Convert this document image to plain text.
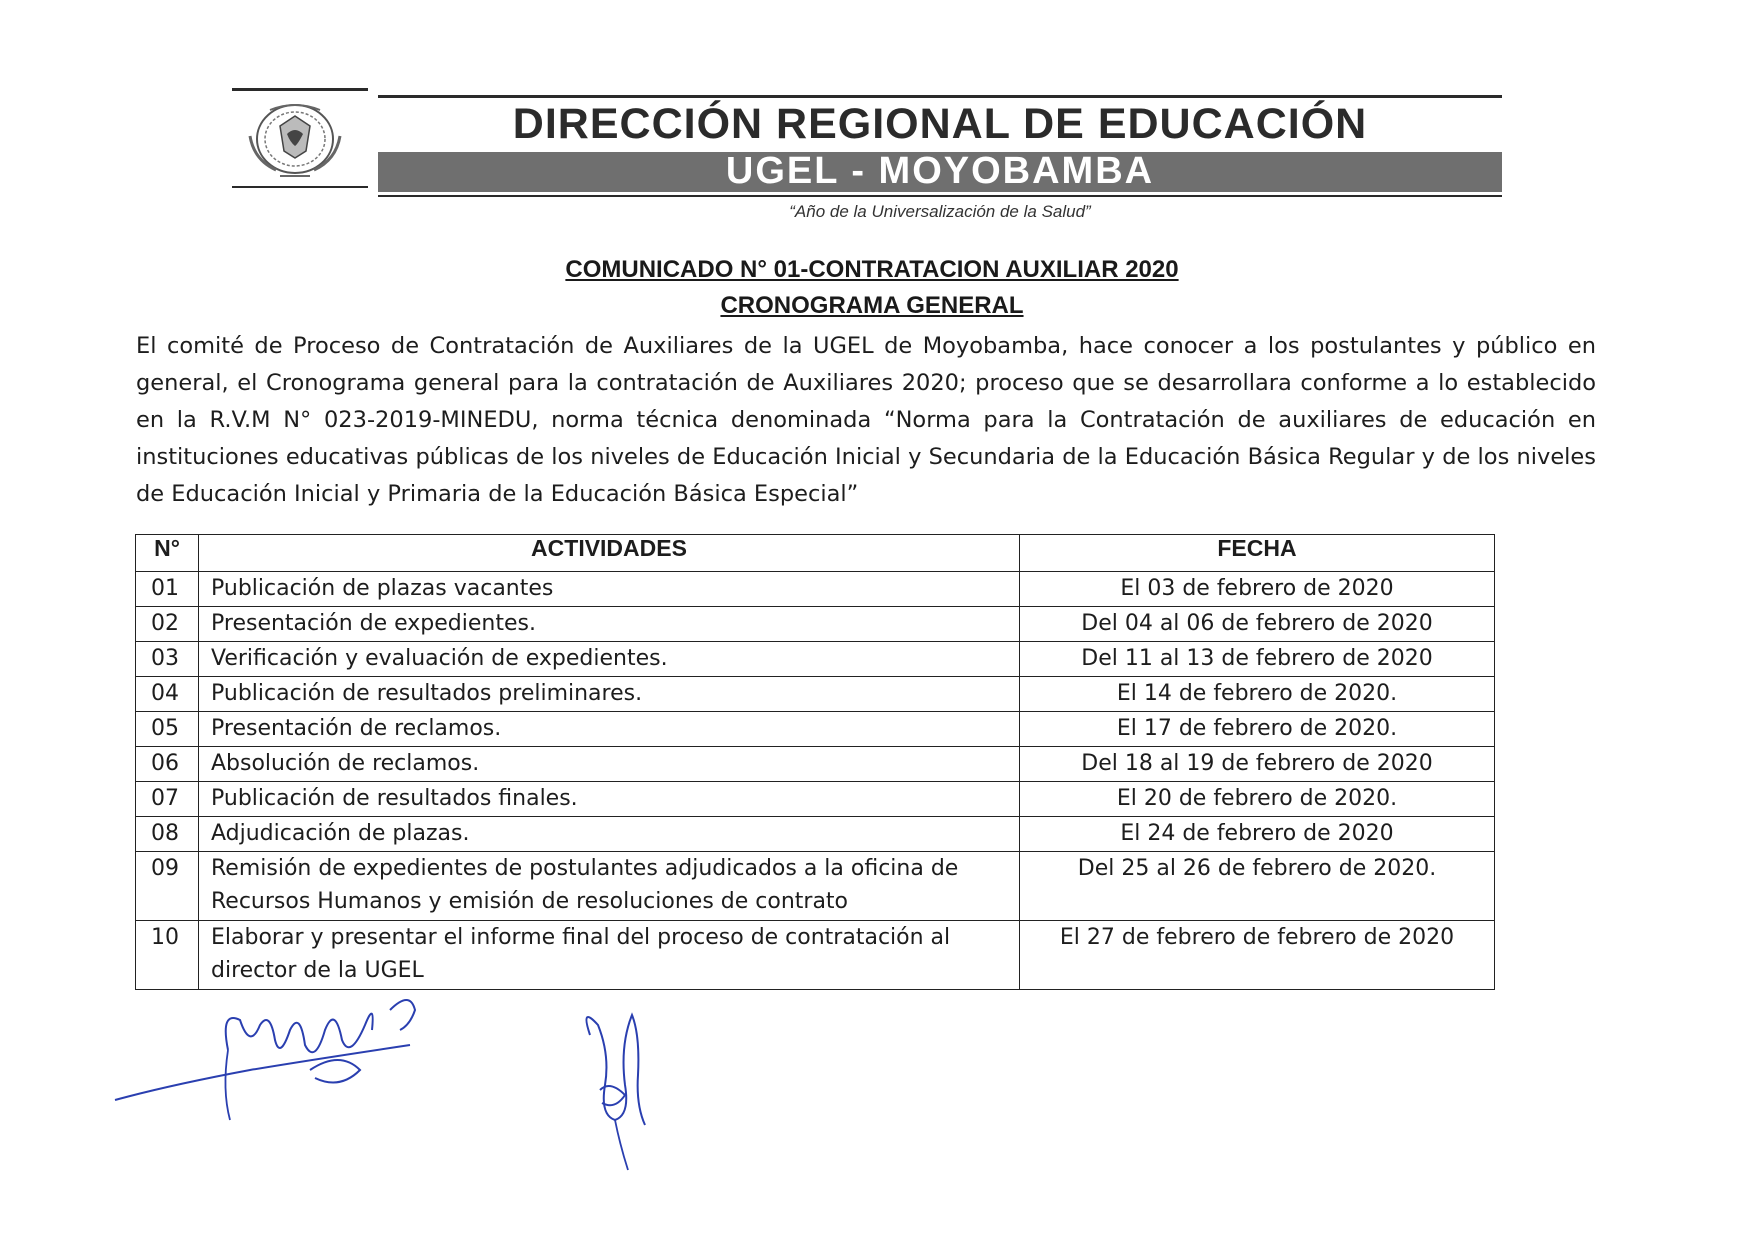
DIRECCIÓN REGIONAL DE EDUCACIÓN
UGEL - MOYOBAMBA
“Año de la Universalización de la Salud”
COMUNICADO N° 01-CONTRATACION AUXILIAR 2020
CRONOGRAMA GENERAL
El comité de Proceso de Contratación de Auxiliares de la UGEL de Moyobamba, hace conocer a los postulantes y público en general, el Cronograma general para la contratación de Auxiliares 2020; proceso que se desarrollara conforme a lo establecido en la R.V.M N° 023-2019-MINEDU, norma técnica denominada “Norma para la Contratación de auxiliares de educación en instituciones educativas públicas de los niveles de Educación Inicial y Secundaria de la Educación Básica Regular y de los niveles de Educación Inicial y Primaria de la Educación Básica Especial”
N°	ACTIVIDADES	FECHA
01	Publicación de plazas vacantes	El 03 de febrero de 2020
02	Presentación de expedientes.	Del 04 al 06 de febrero de 2020
03	Verificación y evaluación de expedientes.	Del 11 al 13 de febrero de 2020
04	Publicación de resultados preliminares.	El 14 de febrero de 2020.
05	Presentación de reclamos.	El 17 de febrero de 2020.
06	Absolución de reclamos.	Del 18 al 19 de febrero de 2020
07	Publicación de resultados finales.	El 20 de febrero de 2020.
08	Adjudicación de plazas.	El 24 de febrero de 2020
09	Remisión de expedientes de postulantes adjudicados a la oficina de Recursos Humanos y emisión de resoluciones de contrato	Del 25 al 26 de febrero de 2020.
10	Elaborar y presentar el informe final del proceso de contratación al director de la UGEL	El 27 de febrero de febrero de 2020
